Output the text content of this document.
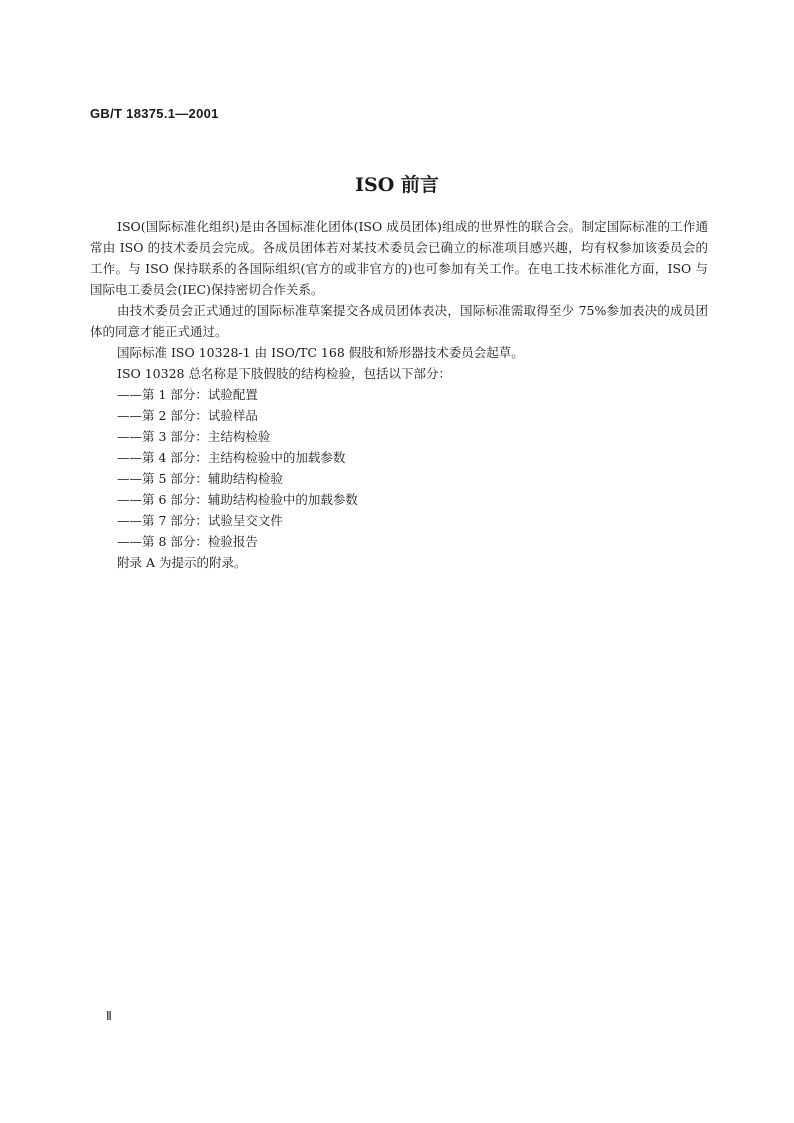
GB/T 18375.1—2001
ISO 前言

ISO(国际标准化组织)是由各国标准化团体(ISO 成员团体)组成的世界性的联合会。制定国际标准的工作通常由 ISO 的技术委员会完成。各成员团体若对某技术委员会已确立的标准项目感兴趣，均有权参加该委员会的工作。与 ISO 保持联系的各国际组织(官方的或非官方的)也可参加有关工作。在电工技术标准化方面，ISO 与国际电工委员会(IEC)保持密切合作关系。

由技术委员会正式通过的国际标准草案提交各成员团体表决，国际标准需取得至少 75%参加表决的成员团体的同意才能正式通过。

国际标准 ISO 10328-1 由 ISO/TC 168 假肢和矫形器技术委员会起草。

ISO 10328 总名称是下肢假肢的结构检验，包括以下部分：

——第 1 部分：试验配置
——第 2 部分：试验样品
——第 3 部分：主结构检验
——第 4 部分：主结构检验中的加载参数
——第 5 部分：辅助结构检验
——第 6 部分：辅助结构检验中的加载参数
——第 7 部分：试验呈交文件
——第 8 部分：检验报告

附录 A 为提示的附录。

Ⅱ
